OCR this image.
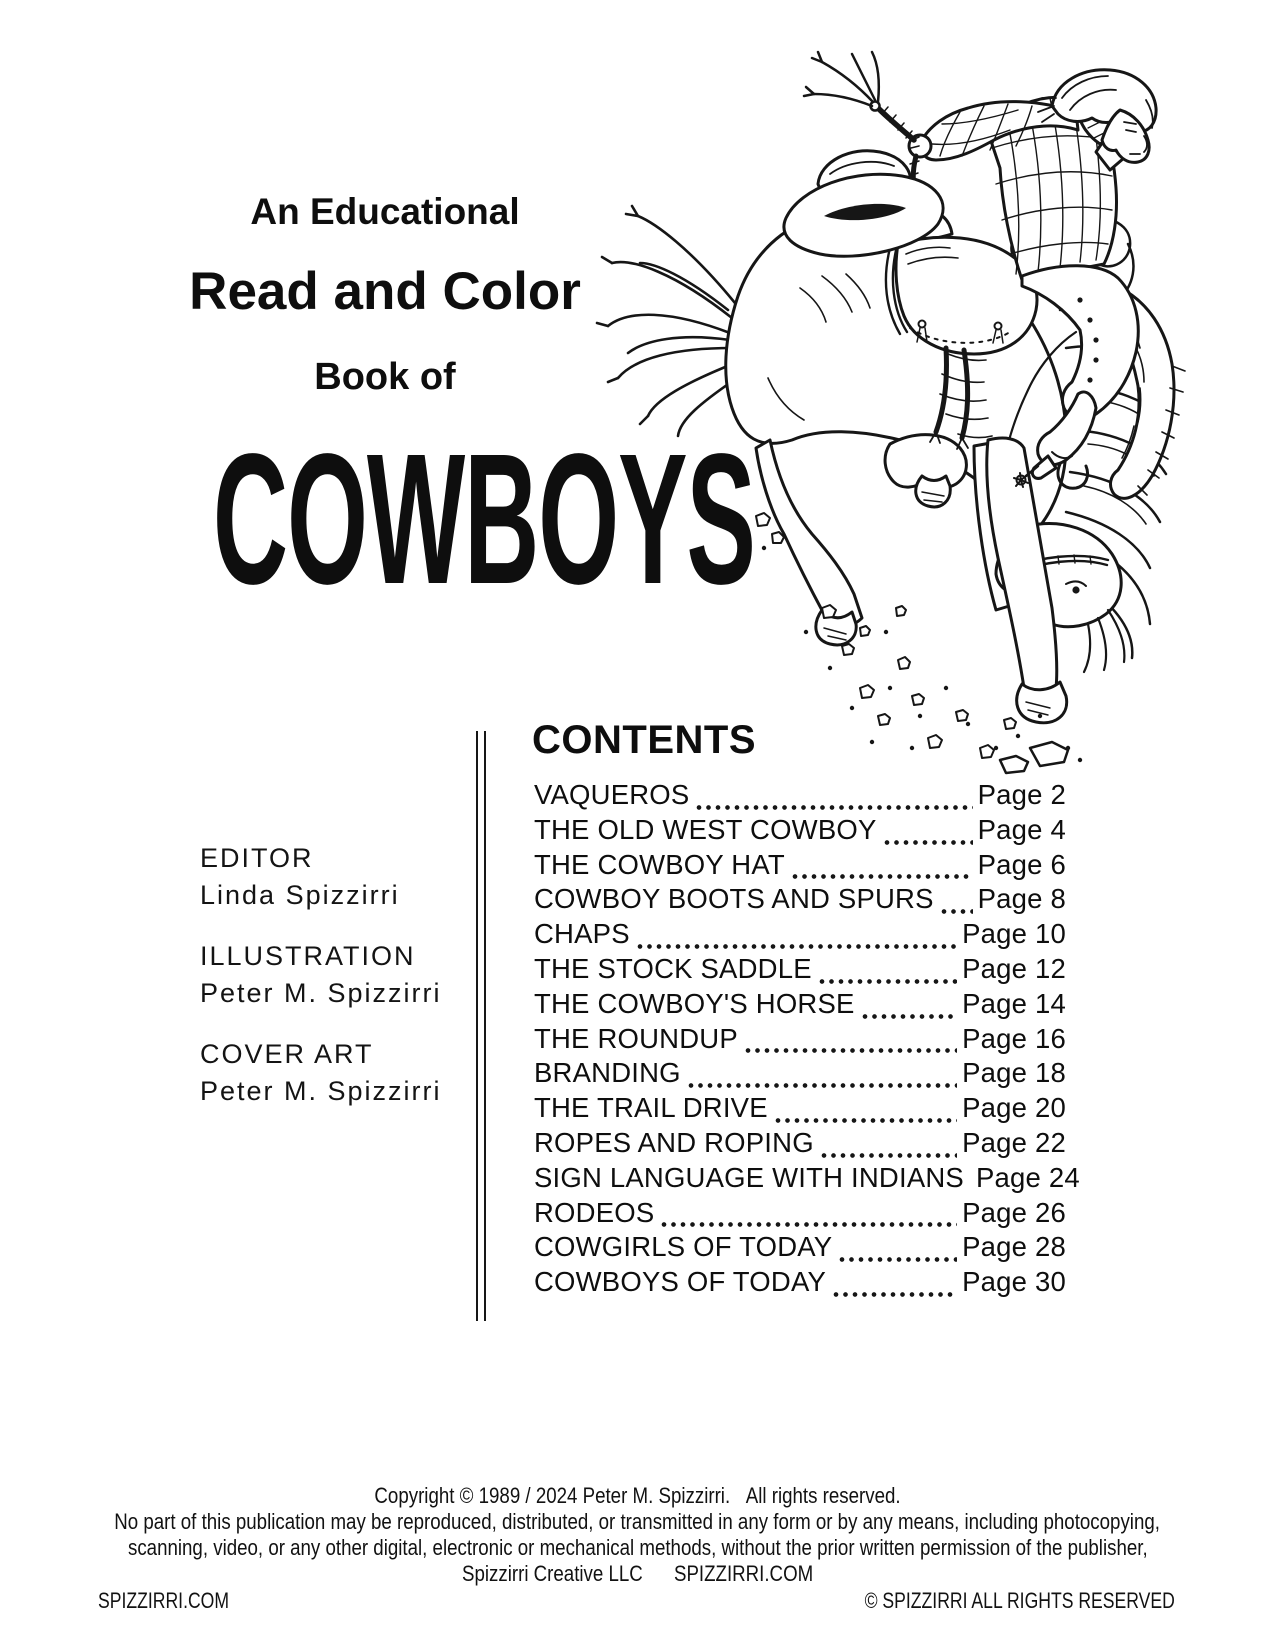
An Educational
Read and Color
Book of
COWBOYS
EDITOR
Linda Spizzirri
ILLUSTRATION
Peter M. Spizzirri
COVER ART
Peter M. Spizzirri
CONTENTS
VAQUEROS	Page 2
THE OLD WEST COWBOY	Page 4
THE COWBOY HAT	Page 6
COWBOY BOOTS AND SPURS Page 8
CHAPS	Page 10
THE STOCK SADDLE	Page 12
THE COWBOY'S HORSE	Page 14
THE ROUNDUP	Page 16
BRANDING	Page 18
THE TRAIL DRIVE	Page 20
ROPES AND ROPING	Page 22
SIGN LANGUAGE WITH INDIANS Page 24
RODEOS	Page 26
COWGIRLS OF TODAY	Page 28
COWBOYS OF TODAY	Page 30
Copyright © 1989 / 2024 Peter M. Spizzirri.   All rights reserved.
No part of this publication may be reproduced, distributed, or transmitted in any form or by any means, including photocopying,
scanning, video, or any other digital, electronic or mechanical methods, without the prior written permission of the publisher,
Spizzirri Creative LLC      SPIZZIRRI.COM
SPIZZIRRI.COM	© SPIZZIRRI ALL RIGHTS RESERVED
